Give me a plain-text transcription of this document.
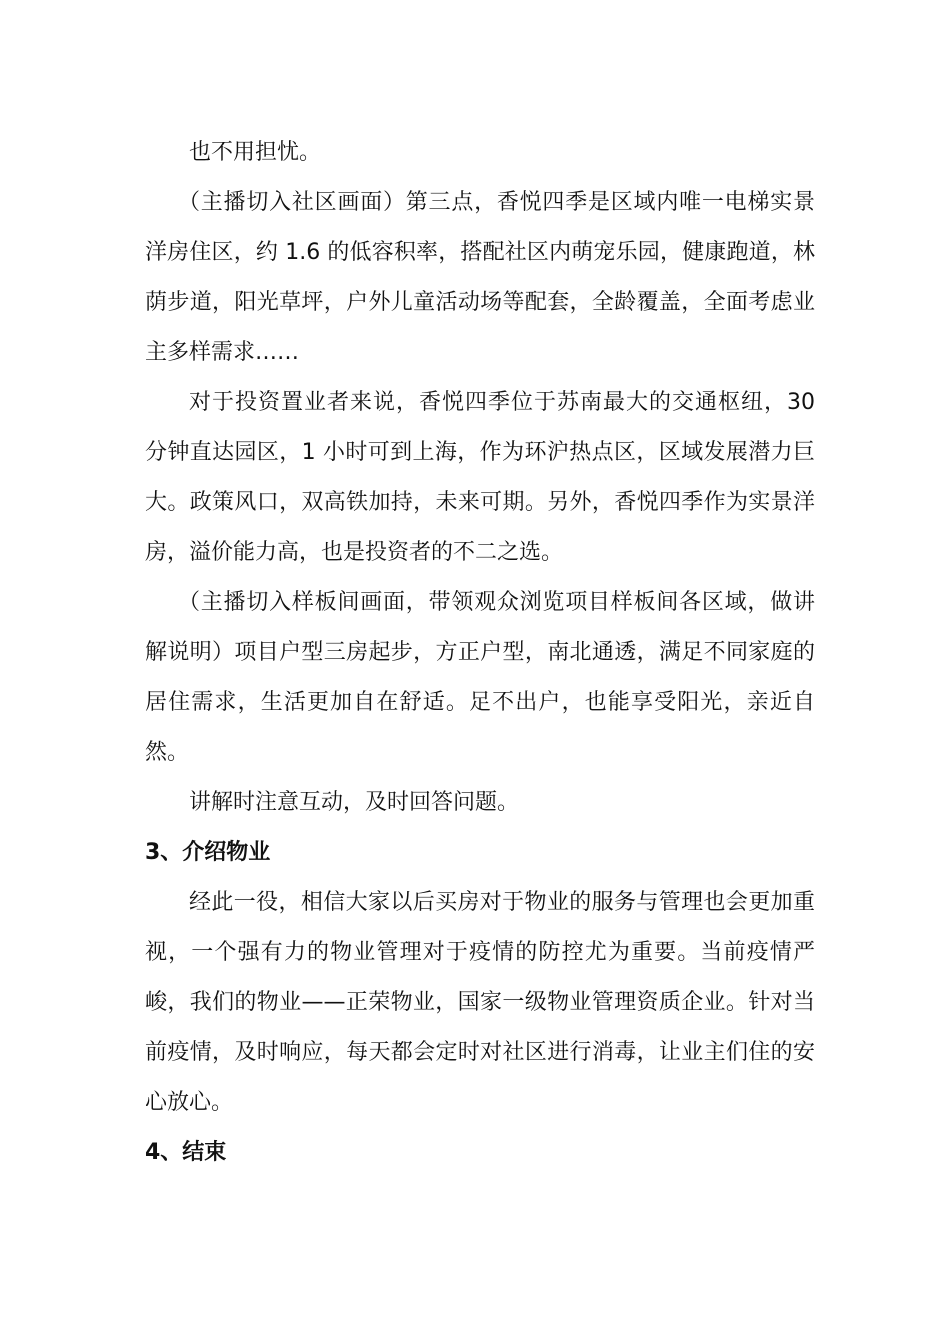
也不用担忧。

（主播切入社区画面）第三点，香悦四季是区域内唯一电梯实景洋房住区，约 1.6 的低容积率，搭配社区内萌宠乐园，健康跑道，林荫步道，阳光草坪，户外儿童活动场等配套，全龄覆盖，全面考虑业主多样需求……

对于投资置业者来说，香悦四季位于苏南最大的交通枢纽，30 分钟直达园区，1 小时可到上海，作为环沪热点区，区域发展潜力巨大。政策风口，双高铁加持，未来可期。另外，香悦四季作为实景洋房，溢价能力高，也是投资者的不二之选。

（主播切入样板间画面，带领观众浏览项目样板间各区域，做讲解说明）项目户型三房起步，方正户型，南北通透，满足不同家庭的居住需求，生活更加自在舒适。足不出户，也能享受阳光，亲近自然。

讲解时注意互动，及时回答问题。

3、介绍物业

经此一役，相信大家以后买房对于物业的服务与管理也会更加重视，一个强有力的物业管理对于疫情的防控尤为重要。当前疫情严峻，我们的物业——正荣物业，国家一级物业管理资质企业。针对当前疫情，及时响应，每天都会定时对社区进行消毒，让业主们住的安心放心。

4、结束
